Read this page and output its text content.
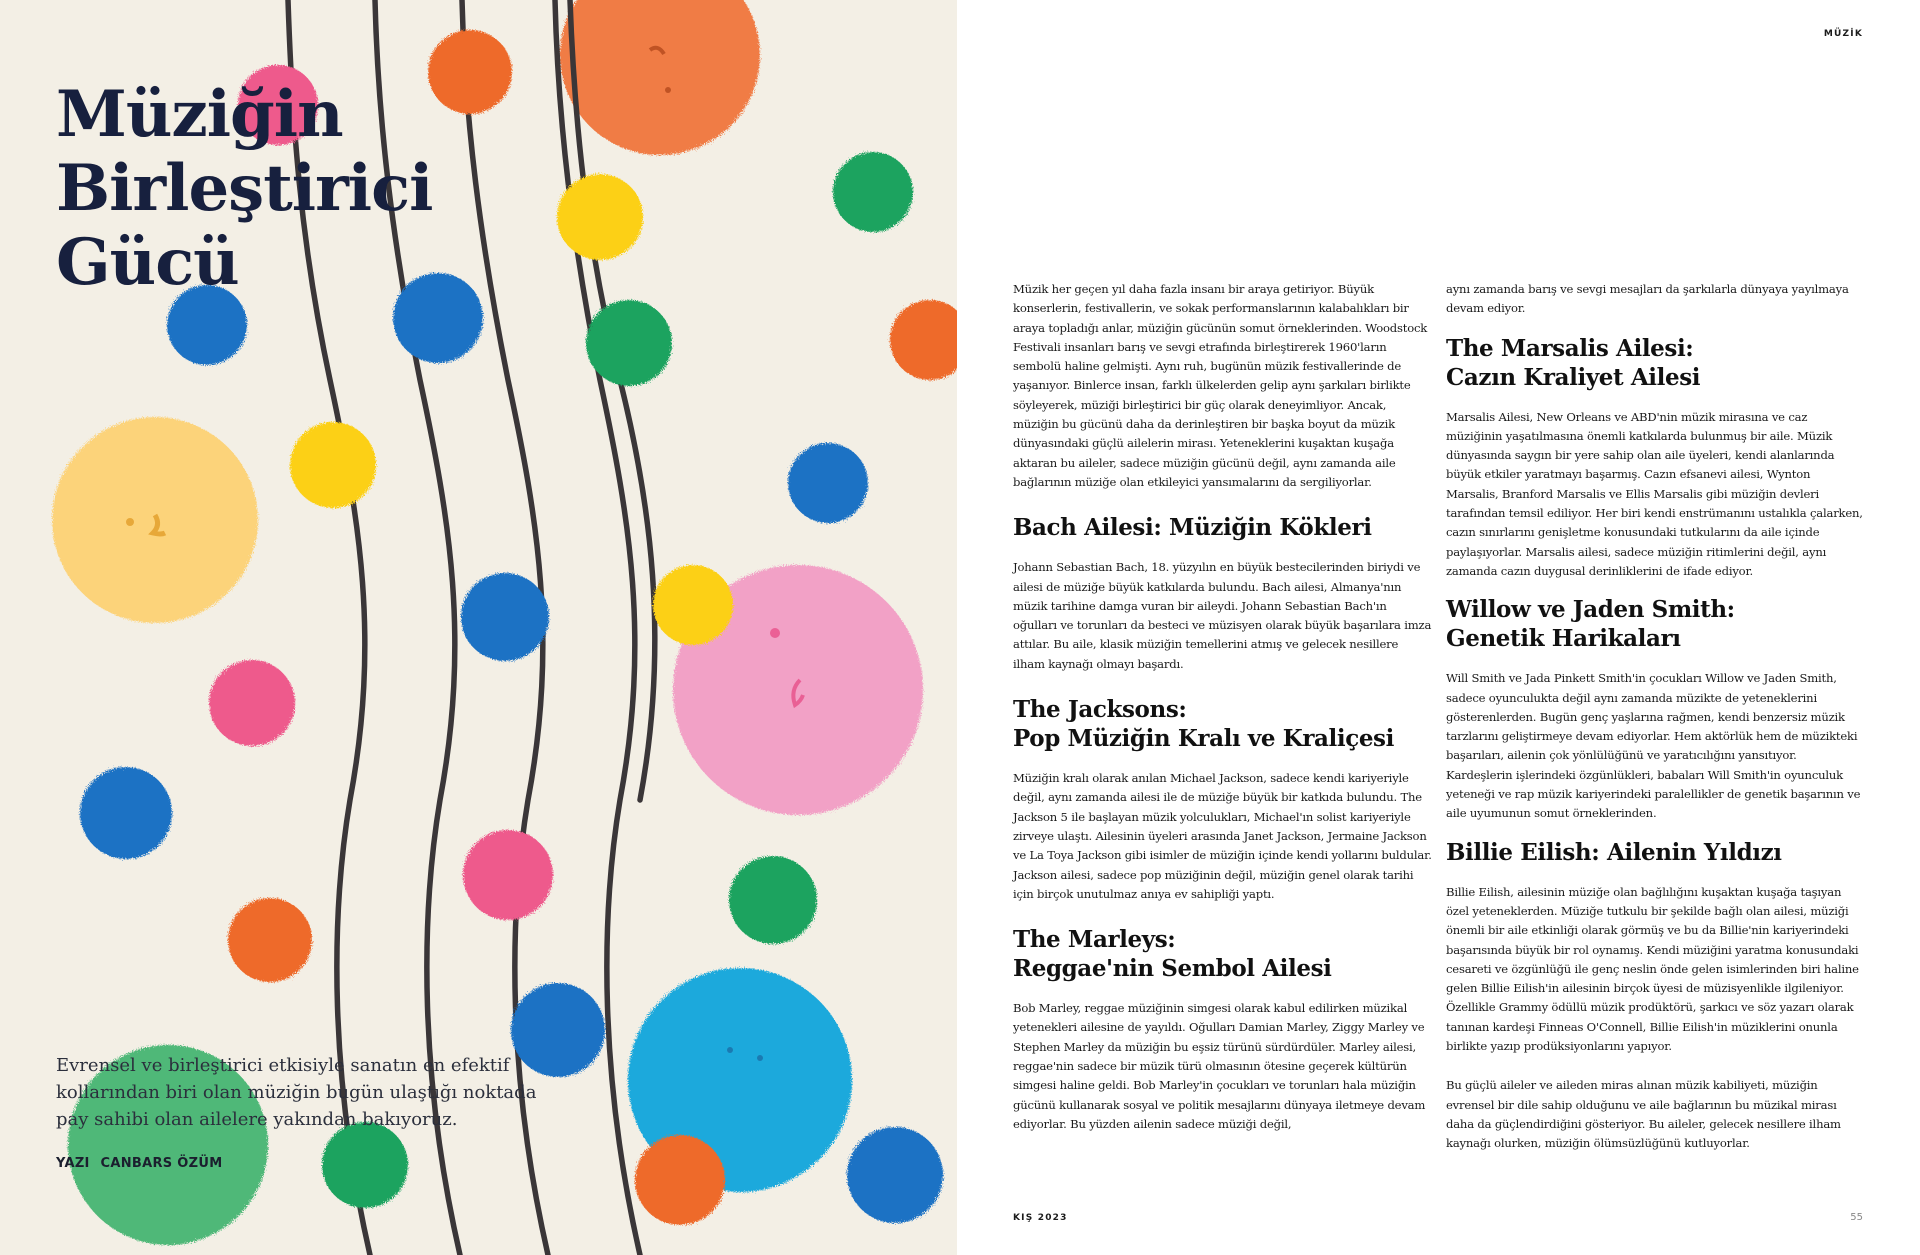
Müziğin
Birleştirici Gücü

Evrensel ve birleştirici etkisiyle sanatın en efektif kollarından biri olan müziğin bugün ulaştığı noktada pay sahibi olan ailelere yakından bakıyoruz.

YAZI CANBARS ÖZÜM
MÜZİK

Müzik her geçen yıl daha fazla insanı bir araya getiriyor. Büyük konserlerin, festivallerin, ve sokak performanslarının kalabalıkları bir araya topladığı anlar, müziğin gücünün somut örneklerinden. Woodstock Festivali insanları barış ve sevgi etrafında birleştirerek 1960'ların sembolü haline gelmişti. Aynı ruh, bugünün müzik festivallerinde de yaşanıyor. Binlerce insan, farklı ülkelerden gelip aynı şarkıları birlikte söyleyerek, müziği birleştirici bir güç olarak deneyimliyor. Ancak, müziğin bu gücünü daha da derinleştiren bir başka boyut da müzik dünyasındaki güçlü ailelerin mirası. Yeteneklerini kuşaktan kuşağa aktaran bu aileler, sadece müziğin gücünü değil, aynı zamanda aile bağlarının müziğe olan etkileyici yansımalarını da sergiliyorlar.

Bach Ailesi: Müziğin Kökleri

Johann Sebastian Bach, 18. yüzyılın en büyük bestecilerinden biriydi ve ailesi de müziğe büyük katkılarda bulundu. Bach ailesi, Almanya'nın müzik tarihine damga vuran bir aileydi. Johann Sebastian Bach'ın oğulları ve torunları da besteci ve müzisyen olarak büyük başarılara imza attılar. Bu aile, klasik müziğin temellerini atmış ve gelecek nesillere ilham kaynağı olmayı başardı.

The Jacksons:
Pop Müziğin Kralı ve Kraliçesi

Müziğin kralı olarak anılan Michael Jackson, sadece kendi kariyeriyle değil, aynı zamanda ailesi ile de müziğe büyük bir katkıda bulundu. The Jackson 5 ile başlayan müzik yolculukları, Michael'ın solist kariyeriyle zirveye ulaştı. Ailesinin üyeleri arasında Janet Jackson, Jermaine Jackson ve La Toya Jackson gibi isimler de müziğin içinde kendi yollarını buldular. Jackson ailesi, sadece pop müziğinin değil, müziğin genel olarak tarihi için birçok unutulmaz anıya ev sahipliği yaptı.

The Marleys:
Reggae'nin Sembol Ailesi

Bob Marley, reggae müziğinin simgesi olarak kabul edilirken müzikal yetenekleri ailesine de yayıldı. Oğulları Damian Marley, Ziggy Marley ve Stephen Marley da müziğin bu eşsiz türünü sürdürdüler. Marley ailesi, reggae'nin sadece bir müzik türü olmasının ötesine geçerek kültürün simgesi haline geldi. Bob Marley'in çocukları ve torunları hala müziğin gücünü kullanarak sosyal ve politik mesajlarını dünyaya iletmeye devam ediyorlar. Bu yüzden ailenin sadece müziği değil,

aynı zamanda barış ve sevgi mesajları da şarkılarla dünyaya yayılmaya devam ediyor.

The Marsalis Ailesi:
Cazın Kraliyet Ailesi

Marsalis Ailesi, New Orleans ve ABD'nin müzik mirasına ve caz müziğinin yaşatılmasına önemli katkılarda bulunmuş bir aile. Müzik dünyasında saygın bir yere sahip olan aile üyeleri, kendi alanlarında büyük etkiler yaratmayı başarmış. Cazın efsanevi ailesi, Wynton Marsalis, Branford Marsalis ve Ellis Marsalis gibi müziğin devleri tarafından temsil ediliyor. Her biri kendi enstrümanını ustalıkla çalarken, cazın sınırlarını genişletme konusundaki tutkularını da aile içinde paylaşıyorlar. Marsalis ailesi, sadece müziğin ritimlerini değil, aynı zamanda cazın duygusal derinliklerini de ifade ediyor.

Willow ve Jaden Smith:
Genetik Harikaları

Will Smith ve Jada Pinkett Smith'in çocukları Willow ve Jaden Smith, sadece oyunculukta değil aynı zamanda müzikte de yeteneklerini gösterenlerden. Bugün genç yaşlarına rağmen, kendi benzersiz müzik tarzlarını geliştirmeye devam ediyorlar. Hem aktörlük hem de müzikteki başarıları, ailenin çok yönlülüğünü ve yaratıcılığını yansıtıyor. Kardeşlerin işlerindeki özgünlükleri, babaları Will Smith'in oyunculuk yeteneği ve rap müzik kariyerindeki paralellikler de genetik başarının ve aile uyumunun somut örneklerinden.

Billie Eilish: Ailenin Yıldızı

Billie Eilish, ailesinin müziğe olan bağlılığını kuşaktan kuşağa taşıyan özel yeteneklerden. Müziğe tutkulu bir şekilde bağlı olan ailesi, müziği önemli bir aile etkinliği olarak görmüş ve bu da Billie'nin kariyerindeki başarısında büyük bir rol oynamış. Kendi müziğini yaratma konusundaki cesareti ve özgünlüğü ile genç neslin önde gelen isimlerinden biri haline gelen Billie Eilish'in ailesinin birçok üyesi de müzisyenlikle ilgileniyor. Özellikle Grammy ödüllü müzik prodüktörü, şarkıcı ve söz yazarı olarak tanınan kardeşi Finneas O'Connell, Billie Eilish'in müziklerini onunla birlikte yazıp prodüksiyonlarını yapıyor.

Bu güçlü aileler ve aileden miras alınan müzik kabiliyeti, müziğin evrensel bir dile sahip olduğunu ve aile bağlarının bu müzikal mirası daha da güçlendirdiğini gösteriyor. Bu aileler, gelecek nesillere ilham kaynağı olurken, müziğin ölümsüzlüğünü kutluyorlar.

KIŞ 2023	55
